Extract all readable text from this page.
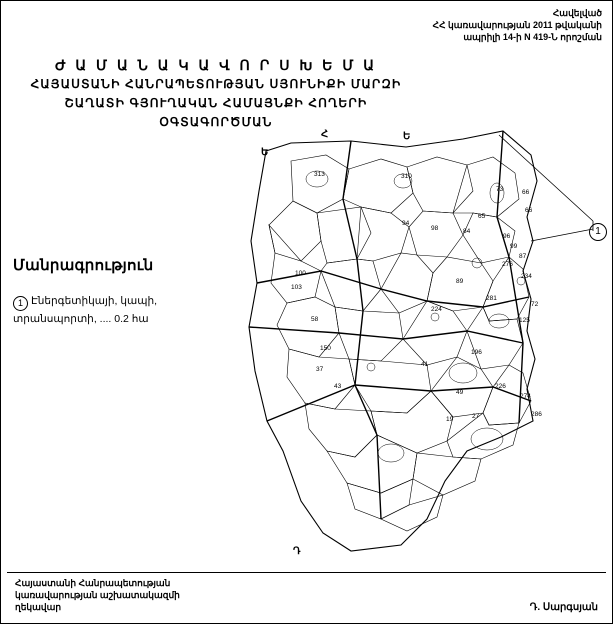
Հավելված
ՀՀ կառավարության 2011 թվականի
ապրիլի 14-ի N 419-Ն որոշման
Ժ Ա Մ Ա Ն Ա Կ Ա Վ Ո Ր Ս Խ Ե Մ Ա
ՀԱՅԱՍՏԱՆԻ ՀԱՆՐԱՊԵՏՈՒԹՅԱՆ ՍՅՈՒՆԻՔԻ ՄԱՐԶԻ
ՇԱՂԱՏԻ ԳՅՈՒՂԱԿԱՆ ՀԱՄԱՅՆՔԻ ՀՈՂԵՐԻ
ՕԳՏԱԳՈՐԾՄԱՆ
Մանրագրություն
1 Էներգետիկայի, կապի, տրանսպորտի, .... 0.2 հա
1
Հ	Ե
Ե
Դ
313	310
73	66
66
65
98
94
84
96
99
87
276
100
103
234
89
281
224
72
125
58
150
196
41
37
43
49
226
274
286
19	27
Հայաստանի Հանրապետության
կառավարության աշխատակազմի
ղեկավար	Դ. Սարգսյան
